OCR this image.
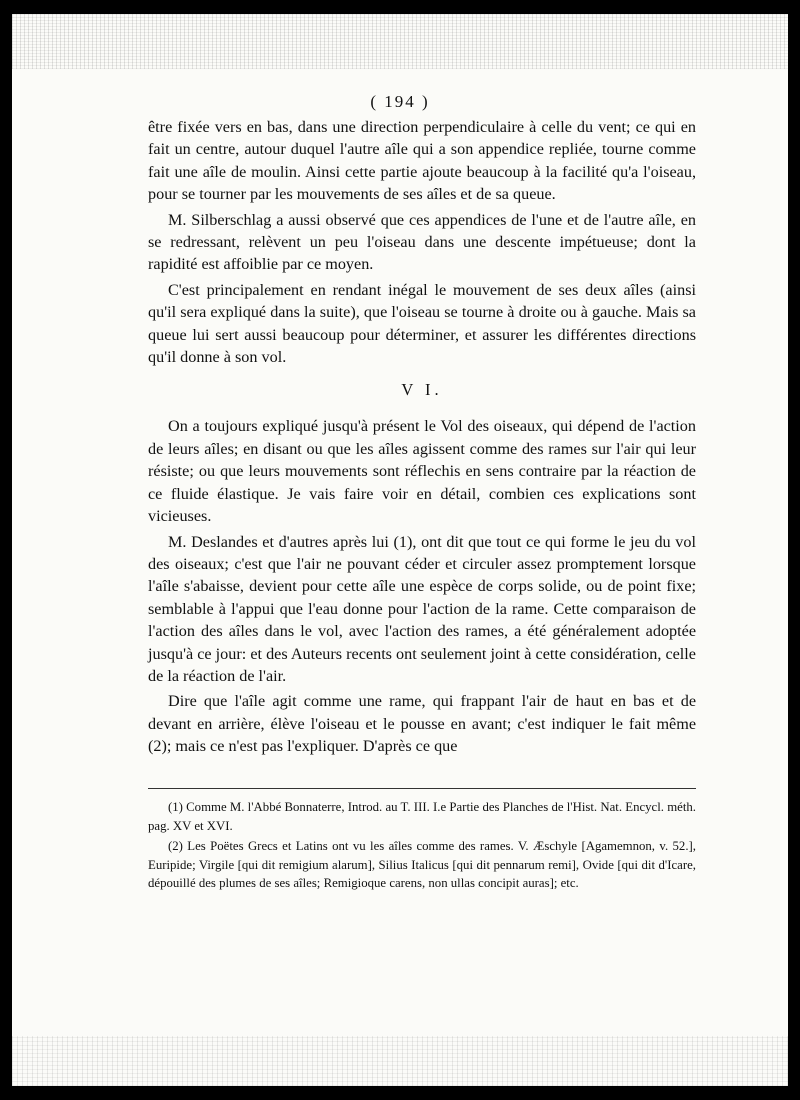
( 194 )

être fixée vers en bas, dans une direction perpendiculaire à celle du vent; ce qui en fait un centre, autour duquel l'autre aîle qui a son appendice repliée, tourne comme fait une aîle de moulin. Ainsi cette partie ajoute beaucoup à la facilité qu'a l'oiseau, pour se tourner par les mouvements de ses aîles et de sa queue.

M. Silberschlag a aussi observé que ces appendices de l'une et de l'autre aîle, en se redressant, relèvent un peu l'oiseau dans une descente impétueuse; dont la rapidité est affoiblie par ce moyen.

C'est principalement en rendant inégal le mouvement de ses deux aîles (ainsi qu'il sera expliqué dans la suite), que l'oiseau se tourne à droite ou à gauche. Mais sa queue lui sert aussi beaucoup pour déterminer, et assurer les différentes directions qu'il donne à son vol.

V I.

On a toujours expliqué jusqu'à présent le Vol des oiseaux, qui dépend de l'action de leurs aîles; en disant ou que les aîles agissent comme des rames sur l'air qui leur résiste; ou que leurs mouvements sont réflechis en sens contraire par la réaction de ce fluide élastique. Je vais faire voir en détail, combien ces explications sont vicieuses.

M. Deslandes et d'autres après lui (1), ont dit que tout ce qui forme le jeu du vol des oiseaux; c'est que l'air ne pouvant céder et circuler assez promptement lorsque l'aîle s'abaisse, devient pour cette aîle une espèce de corps solide, ou de point fixe; semblable à l'appui que l'eau donne pour l'action de la rame. Cette comparaison de l'action des aîles dans le vol, avec l'action des rames, a été généralement adoptée jusqu'à ce jour: et des Auteurs recents ont seulement joint à cette considération, celle de la réaction de l'air.

Dire que l'aîle agit comme une rame, qui frappant l'air de haut en bas et de devant en arrière, élève l'oiseau et le pousse en avant; c'est indiquer le fait même (2); mais ce n'est pas l'expliquer. D'après ce que

(1) Comme M. l'Abbé Bonnaterre, Introd. au T. III. I.e Partie des Planches de l'Hist. Nat. Encycl. méth. pag. XV et XVI.

(2) Les Poëtes Grecs et Latins ont vu les aîles comme des rames. V. Æschyle [Agamemnon, v. 52.], Euripide; Virgile [qui dit remigium alarum], Silius Italicus [qui dit pennarum remi], Ovide [qui dit d'Icare, dépouillé des plumes de ses aîles; Remigioque carens, non ullas concipit auras]; etc.
